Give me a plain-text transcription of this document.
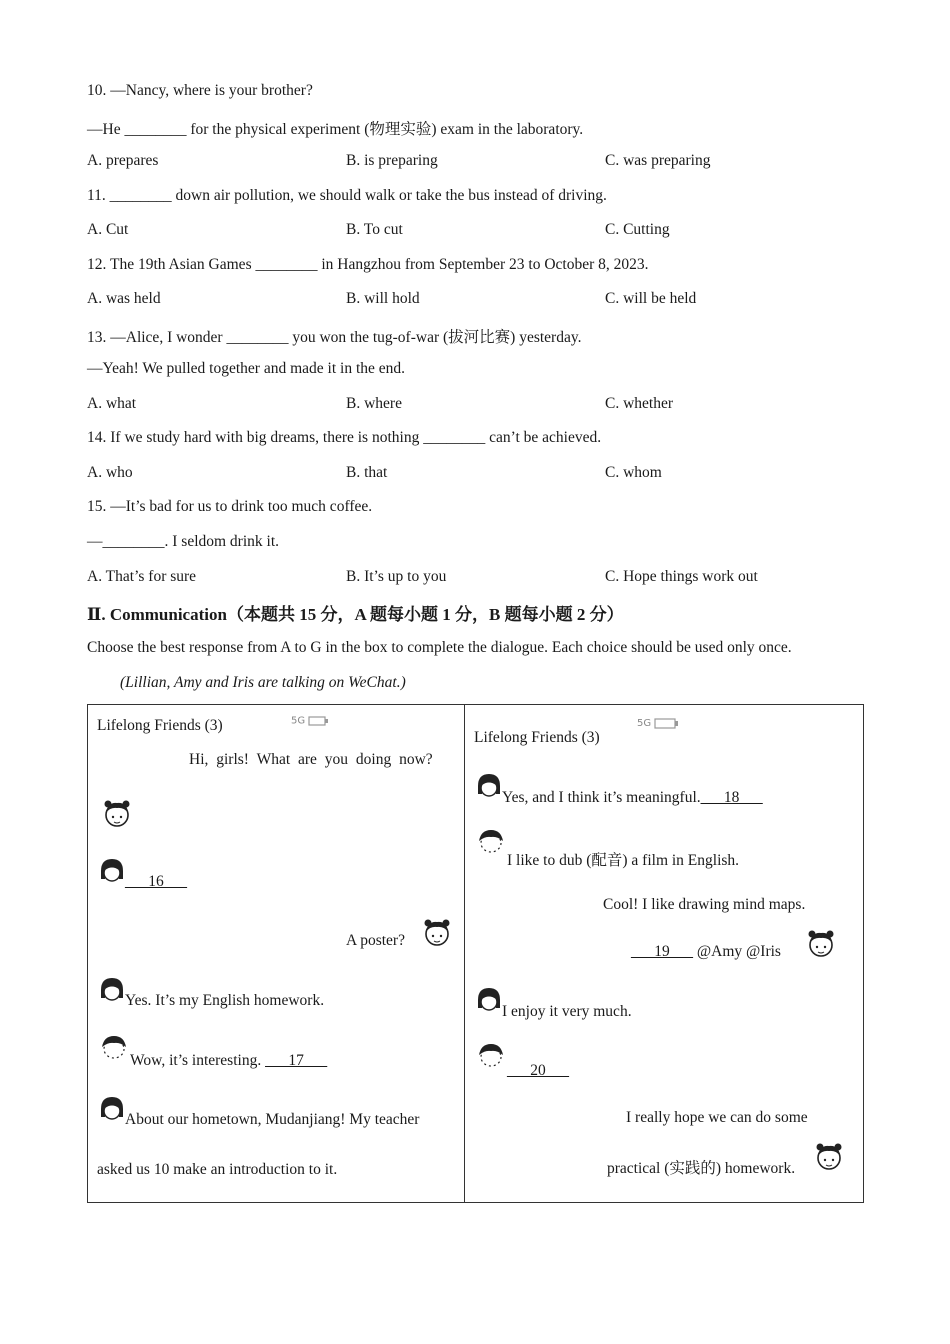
10. —Nancy, where is your brother?
—He ________ for the physical experiment (物理实验) exam in the laboratory.
A. prepares	B. is preparing	C. was preparing
11. ________ down air pollution, we should walk or take the bus instead of driving.
A. Cut	B. To cut	C. Cutting
12. The 19th Asian Games ________ in Hangzhou from September 23 to October 8, 2023.
A. was held	B. will hold	C. will be held
13. —Alice, I wonder ________ you won the tug-of-war (拔河比赛) yesterday.
—Yeah! We pulled together and made it in the end.
A. what	B. where	C. whether
14. If we study hard with big dreams, there is nothing ________ can’t be achieved.
A. who	B. that	C. whom
15. —It’s bad for us to drink too much coffee.
—________. I seldom drink it.
A. That’s for sure	B. It’s up to you	C. Hope things work out
Ⅱ. Communication（本题共 15 分，A 题每小题 1 分，B 题每小题 2 分）
Choose the best response from A to G in the box to complete the dialogue. Each choice should be used only once.
(Lillian, Amy and Iris are talking on WeChat.)
Lifelong Friends (3)	5G
Hi, girls! What are you doing now?
___16___
A poster?
Yes. It’s my English homework.
Wow, it’s interesting. ___17___
About our hometown, Mudanjiang! My teacher
asked us 10 make an introduction to it.
Lifelong Friends (3)
5G
Yes, and I think it’s meaningful.___18___
I like to dub (配音) a film in English.
Cool! I like drawing mind maps.
___19___ @Amy @Iris
I enjoy it very much.
___20___
I really hope we can do some
practical (实践的) homework.
